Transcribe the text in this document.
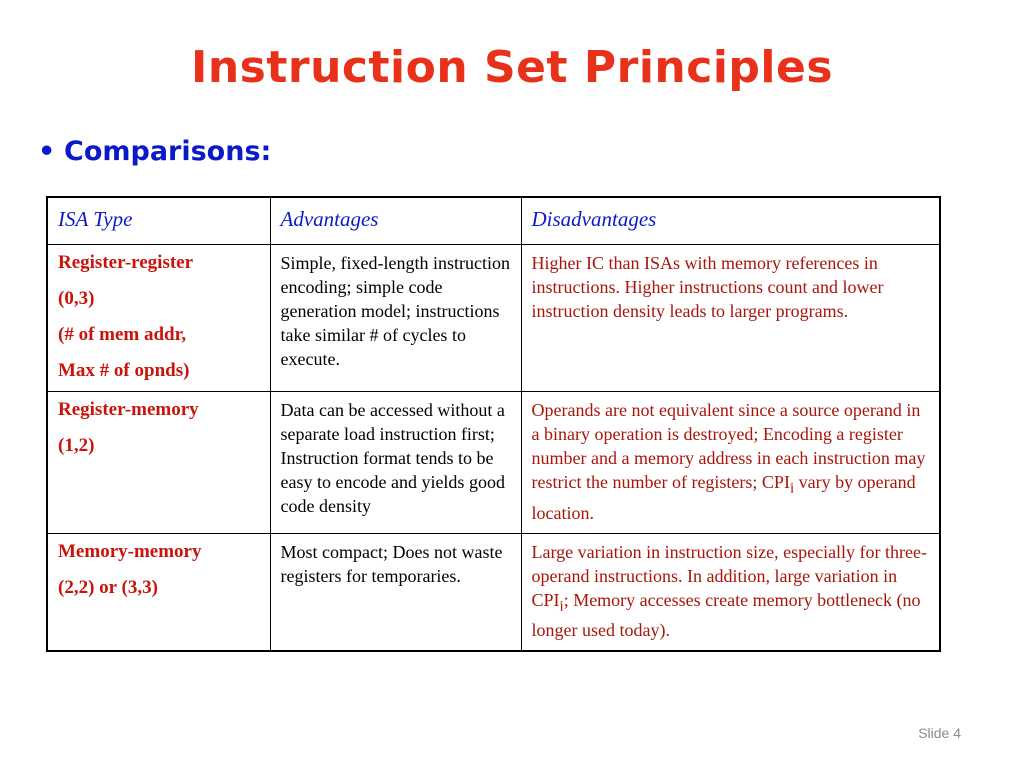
Instruction Set Principles
• Comparisons:
ISA Type	Advantages	Disadvantages

Register-register
(0,3)
(# of mem addr,
Max # of opnds)	Simple, fixed-length instruction encoding; simple code generation model; instructions take similar # of cycles to execute.	Higher IC than ISAs with memory references in instructions. Higher instructions count and lower instruction density leads to larger programs.

Register-memory
(1,2)	Data can be accessed without a separate load instruction first; Instruction format tends to be easy to encode and yields good code density	Operands are not equivalent since a source operand in a binary operation is destroyed; Encoding a register number and a memory address in each instruction may restrict the number of registers; $CPI_i$ vary by operand location.

Memory-memory
(2,2) or (3,3)	Most compact; Does not waste registers for temporaries.	Large variation in instruction size, especially for three-operand instructions. In addition, large variation in $CPI_i$; Memory accesses create memory bottleneck (no longer used today).
Slide 4
